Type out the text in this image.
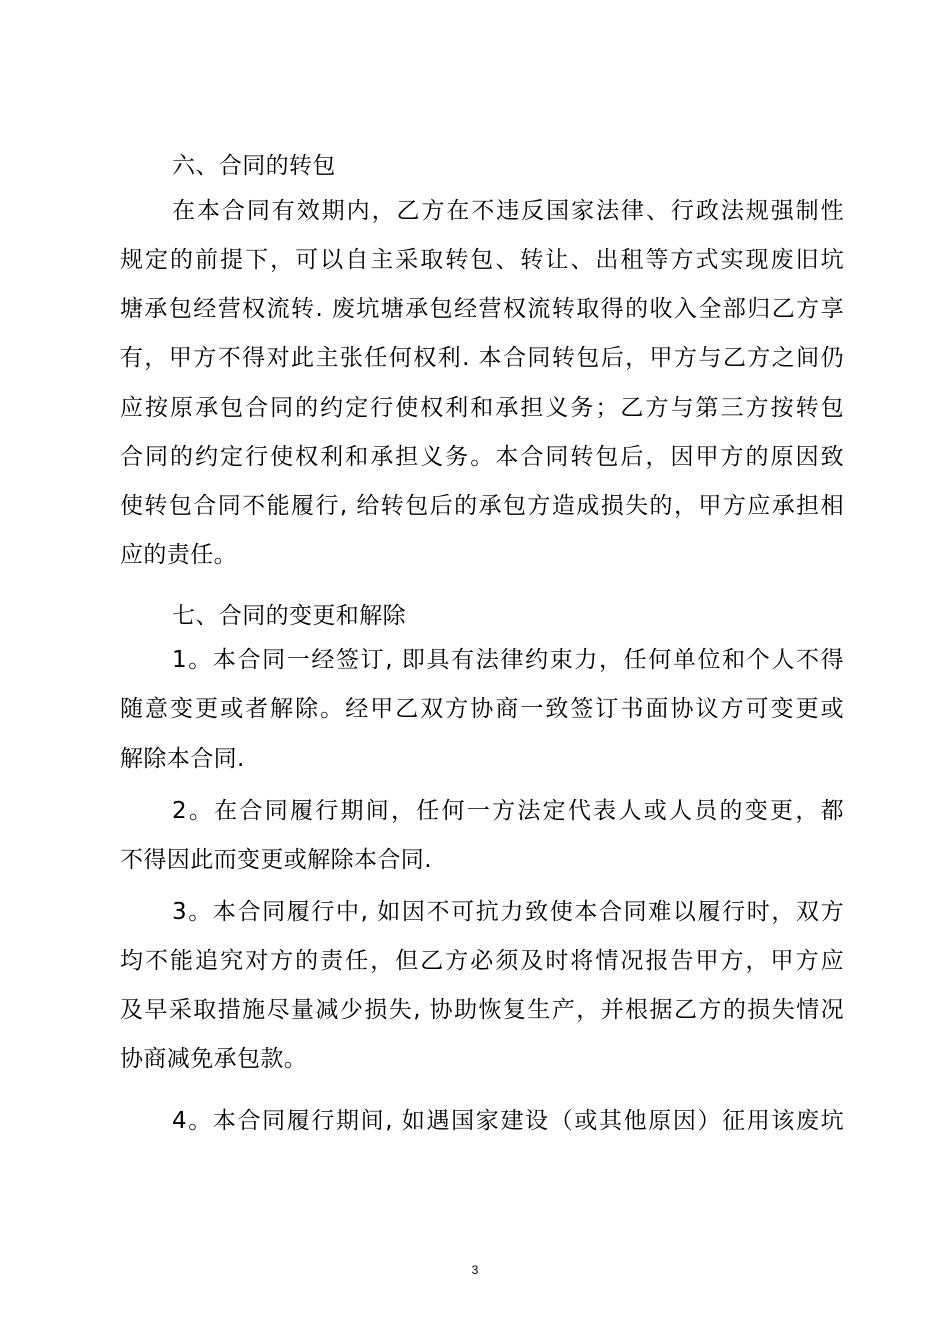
六、合同的转包
在本合同有效期内，乙方在不违反国家法律、行政法规强制性
规定的前提下，可以自主采取转包、转让、出租等方式实现废旧坑
塘承包经营权流转. 废坑塘承包经营权流转取得的收入全部归乙方享
有，甲方不得对此主张任何权利. 本合同转包后，甲方与乙方之间仍
应按原承包合同的约定行使权利和承担义务；乙方与第三方按转包
合同的约定行使权利和承担义务。本合同转包后，因甲方的原因致
使转包合同不能履行, 给转包后的承包方造成损失的，甲方应承担相
应的责任。
七、合同的变更和解除
1。本合同一经签订, 即具有法律约束力，任何单位和个人不得
随意变更或者解除。经甲乙双方协商一致签订书面协议方可变更或
解除本合同.
2。在合同履行期间，任何一方法定代表人或人员的变更，都
不得因此而变更或解除本合同.
3。本合同履行中, 如因不可抗力致使本合同难以履行时，双方
均不能追究对方的责任，但乙方必须及时将情况报告甲方，甲方应
及早采取措施尽量减少损失, 协助恢复生产，并根据乙方的损失情况
协商减免承包款。
4。本合同履行期间, 如遇国家建设（或其他原因）征用该废坑
3
